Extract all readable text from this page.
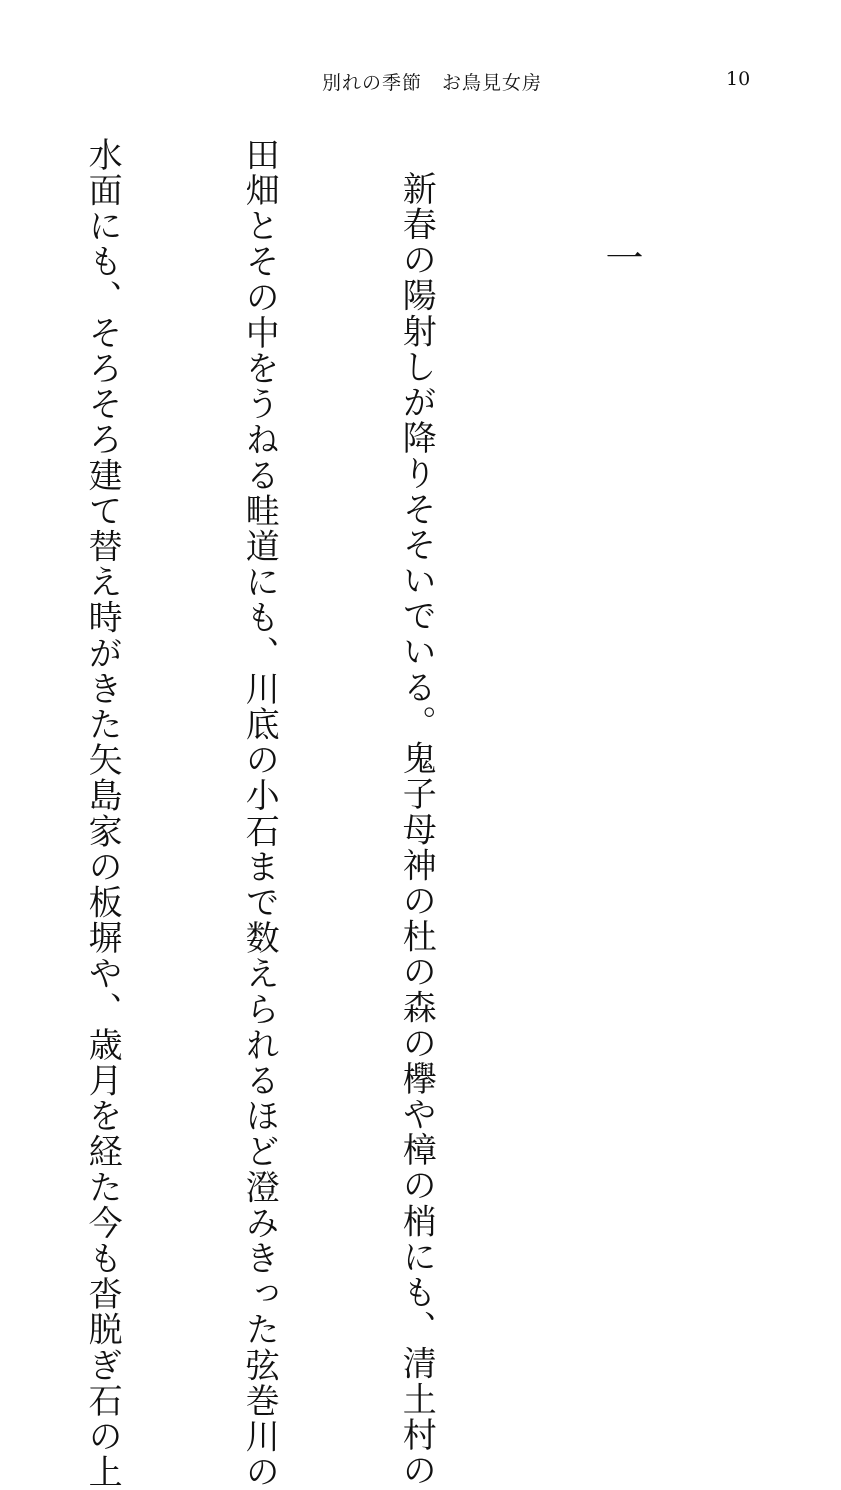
別れの季節　お鳥見女房	10
一

新春の陽射しが降りそそいでいる。鬼子母神の杜の森の欅や樟の梢にも、清土村の

田畑とその中をうねる畦道にも、川底の小石まで数えられるほど澄みきった弦巻川の

水面にも、そろそろ建て替え時がきた矢島家の板塀や、歳月を経た今も沓脱ぎ石の上
